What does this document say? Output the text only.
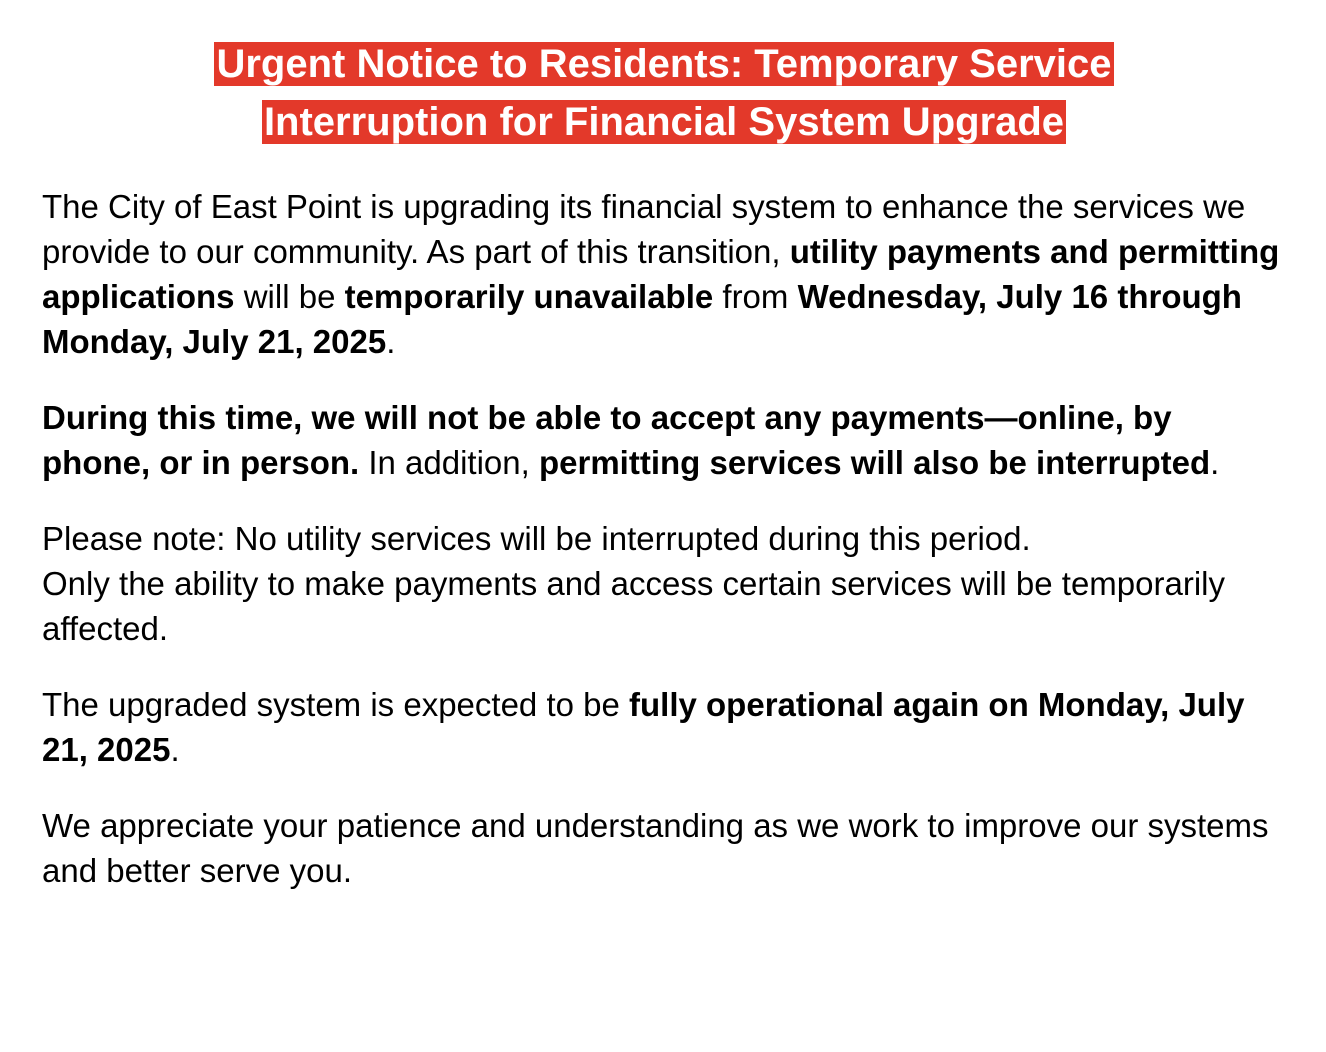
Urgent Notice to Residents: Temporary Service
Interruption for Financial System Upgrade

The City of East Point is upgrading its financial system to enhance the services we provide to our community. As part of this transition, utility payments and permitting applications will be temporarily unavailable from Wednesday, July 16 through Monday, July 21, 2025.

During this time, we will not be able to accept any payments—online, by phone, or in person. In addition, permitting services will also be interrupted.

Please note: No utility services will be interrupted during this period.
Only the ability to make payments and access certain services will be temporarily affected.

The upgraded system is expected to be fully operational again on Monday, July 21, 2025.

We appreciate your patience and understanding as we work to improve our systems and better serve you.
